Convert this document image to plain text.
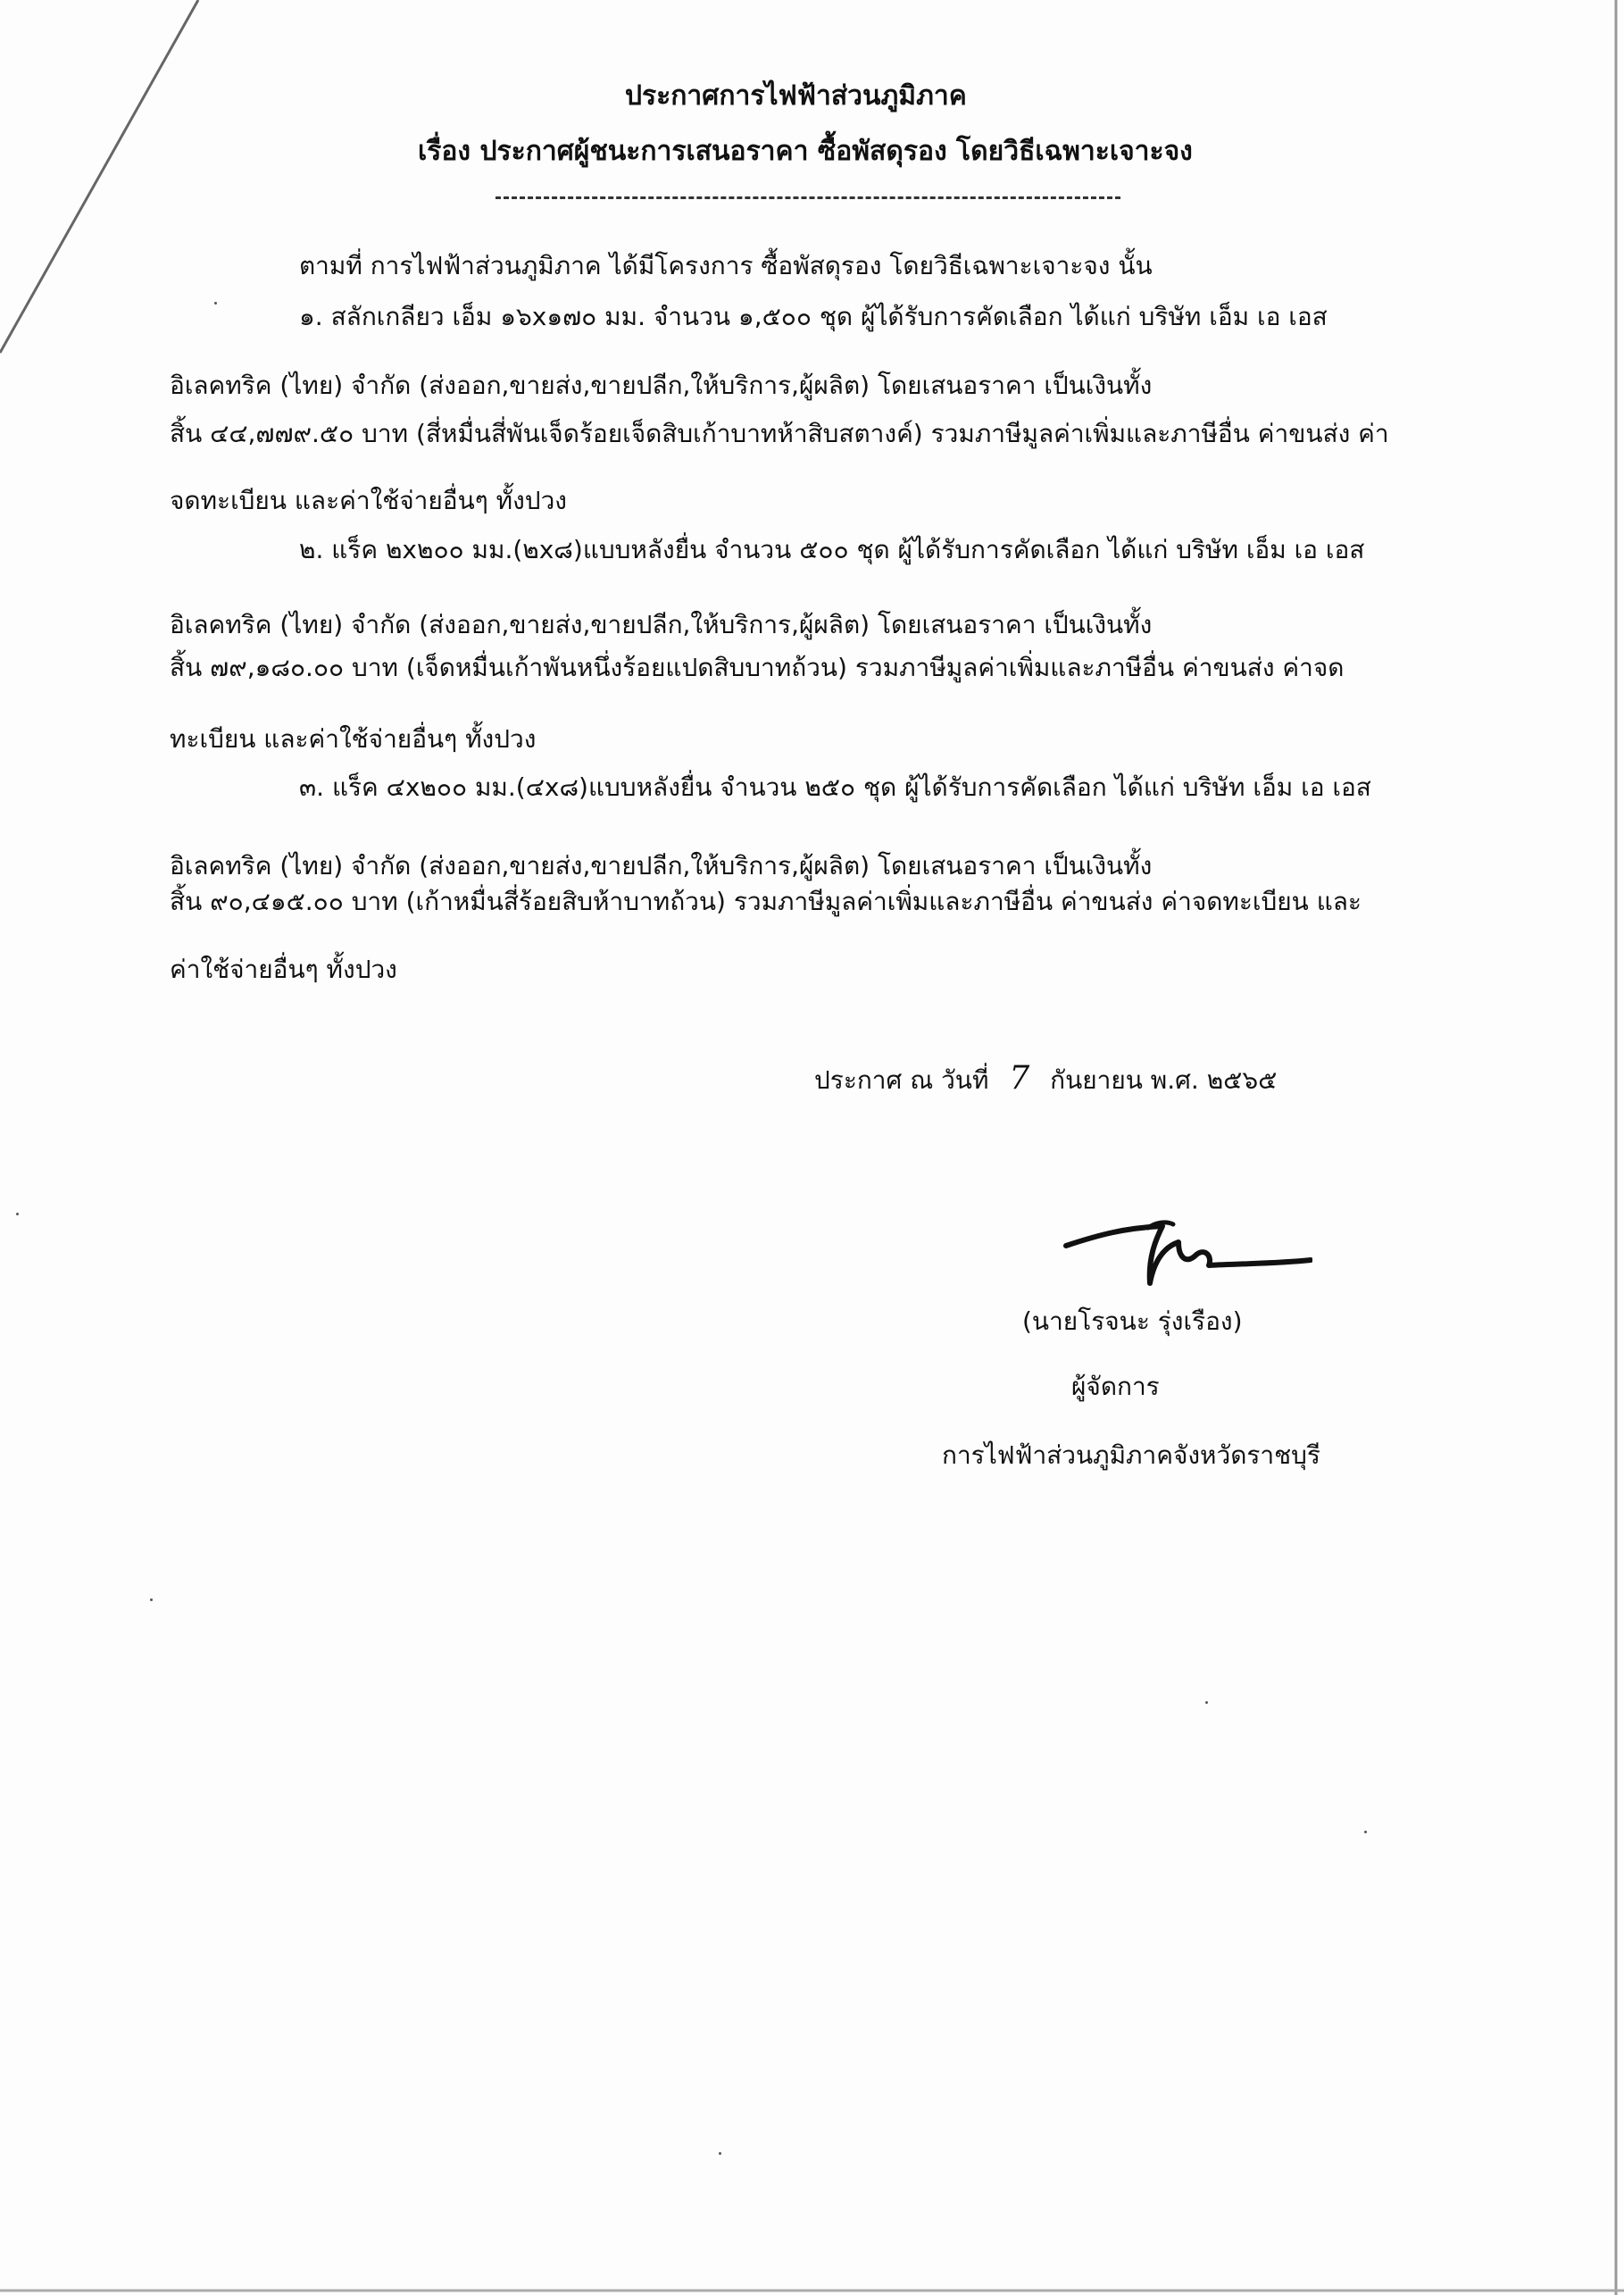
ประกาศการไฟฟ้าส่วนภูมิภาค
เรื่อง ประกาศผู้ชนะการเสนอราคา ซื้อพัสดุรอง โดยวิธีเฉพาะเจาะจง
ตามที่ การไฟฟ้าส่วนภูมิภาค ได้มีโครงการ ซื้อพัสดุรอง โดยวิธีเฉพาะเจาะจง นั้น
๑. สลักเกลียว เอ็ม ๑๖x๑๗๐ มม. จำนวน ๑,๕๐๐ ชุด ผู้ได้รับการคัดเลือก ได้แก่ บริษัท เอ็ม เอ เอส
อิเลคทริค (ไทย) จำกัด (ส่งออก,ขายส่ง,ขายปลีก,ให้บริการ,ผู้ผลิต) โดยเสนอราคา เป็นเงินทั้ง
สิ้น ๔๔,๗๗๙.๕๐ บาท (สี่หมื่นสี่พันเจ็ดร้อยเจ็ดสิบเก้าบาทห้าสิบสตางค์) รวมภาษีมูลค่าเพิ่มและภาษีอื่น ค่าขนส่ง ค่า
จดทะเบียน และค่าใช้จ่ายอื่นๆ ทั้งปวง
๒. แร็ค ๒x๒๐๐ มม.(๒x๘)แบบหลังยื่น จำนวน ๕๐๐ ชุด ผู้ได้รับการคัดเลือก ได้แก่ บริษัท เอ็ม เอ เอส
อิเลคทริค (ไทย) จำกัด (ส่งออก,ขายส่ง,ขายปลีก,ให้บริการ,ผู้ผลิต) โดยเสนอราคา เป็นเงินทั้ง
สิ้น ๗๙,๑๘๐.๐๐ บาท (เจ็ดหมื่นเก้าพันหนึ่งร้อยแปดสิบบาทถ้วน) รวมภาษีมูลค่าเพิ่มและภาษีอื่น ค่าขนส่ง ค่าจด
ทะเบียน และค่าใช้จ่ายอื่นๆ ทั้งปวง
๓. แร็ค ๔x๒๐๐ มม.(๔x๘)แบบหลังยื่น จำนวน ๒๕๐ ชุด ผู้ได้รับการคัดเลือก ได้แก่ บริษัท เอ็ม เอ เอส
อิเลคทริค (ไทย) จำกัด (ส่งออก,ขายส่ง,ขายปลีก,ให้บริการ,ผู้ผลิต) โดยเสนอราคา เป็นเงินทั้ง
สิ้น ๙๐,๔๑๕.๐๐ บาท (เก้าหมื่นสี่ร้อยสิบห้าบาทถ้วน) รวมภาษีมูลค่าเพิ่มและภาษีอื่น ค่าขนส่ง ค่าจดทะเบียน และ
ค่าใช้จ่ายอื่นๆ ทั้งปวง
ประกาศ ณ วันที่ 7 กันยายน พ.ศ. ๒๕๖๕
(นายโรจนะ รุ่งเรือง)
ผู้จัดการ
การไฟฟ้าส่วนภูมิภาคจังหวัดราชบุรี
